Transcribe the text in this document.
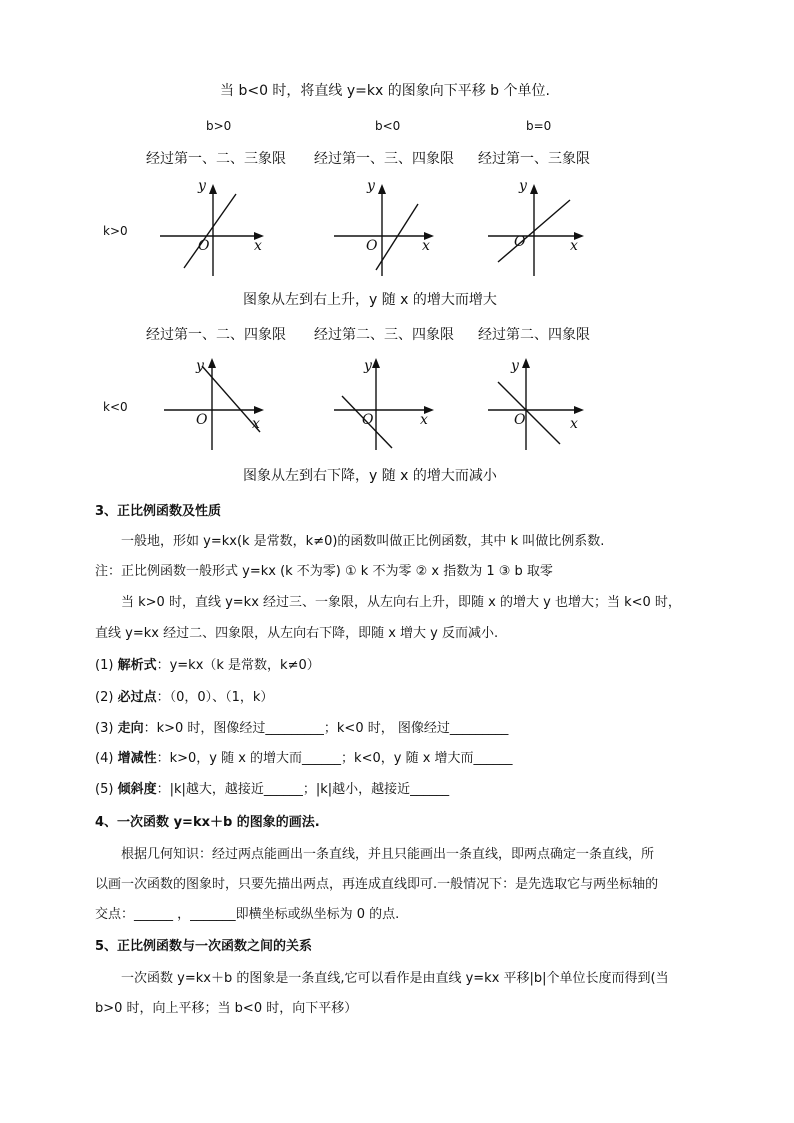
当 b<0 时，将直线 y=kx 的图象向下平移 b 个单位.
b>0	b<0	b=0
经过第一、二、三象限 经过第一、三、四象限 经过第一、三象限
k>0
y
O	x
y
O	x
y
O	x
图象从左到右上升，y 随 x 的增大而增大
经过第一、二、四象限 经过第二、三、四象限 经过第二、四象限
k<0
y
O	x
y
O	x
y
O	x
图象从左到右下降，y 随 x 的增大而减小
3、正比例函数及性质
一般地，形如 y=kx(k 是常数，k≠0)的函数叫做正比例函数，其中 k 叫做比例系数.
注：正比例函数一般形式 y=kx (k 不为零) ① k 不为零 ② x 指数为 1 ③ b 取零
当 k>0 时，直线 y=kx 经过三、一象限，从左向右上升，即随 x 的增大 y 也增大；当 k<0 时，
直线 y=kx 经过二、四象限，从左向右下降，即随 x 增大 y 反而减小.
(1) 解析式：y=kx（k 是常数，k≠0）
(2) 必过点：（0，0）、（1，k）
(3) 走向：k>0 时，图像经过_________；k<0 时， 图像经过_________
(4) 增减性：k>0，y 随 x 的增大而______；k<0，y 随 x 增大而______
(5) 倾斜度：|k|越大，越接近______；|k|越小，越接近______
4、一次函数 y=kx＋b 的图象的画法.
根据几何知识：经过两点能画出一条直线，并且只能画出一条直线，即两点确定一条直线，所
以画一次函数的图象时，只要先描出两点，再连成直线即可.一般情况下：是先选取它与两坐标轴的
交点：______ ，_______即横坐标或纵坐标为 0 的点.
5、正比例函数与一次函数之间的关系
一次函数 y=kx＋b 的图象是一条直线,它可以看作是由直线 y=kx 平移|b|个单位长度而得到(当
b>0 时，向上平移；当 b<0 时，向下平移）
